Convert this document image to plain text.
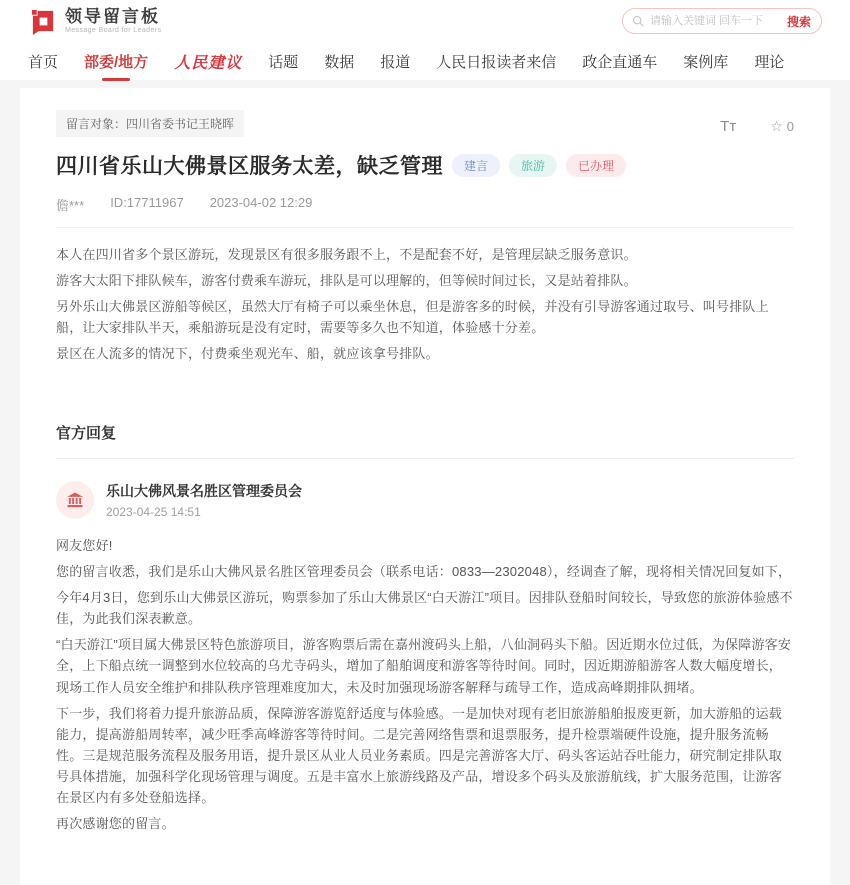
领导留言板
Message Board for Leaders
请输入关键词 回车一下
搜索
首页 部委/地方 人民建议 话题 数据 报道 人民日报读者来信 政企直通车 案例库 理论
留言对象：四川省委书记王晓晖	Tт ☆ 0
四川省乐山大佛景区服务太差，缺乏管理	建言	旅游	已办理
儋*** ID:17711967 2023-04-02 12:29

本人在四川省多个景区游玩，发现景区有很多服务跟不上，不是配套不好，是管理层缺乏服务意识。

游客大太阳下排队候车，游客付费乘车游玩，排队是可以理解的，但等候时间过长，又是站着排队。

另外乐山大佛景区游船等候区，虽然大厅有椅子可以乘坐休息，但是游客多的时候，并没有引导游客通过取号、叫号排队上船，让大家排队半天，乘船游玩是没有定时，需要等多久也不知道，体验感十分差。

景区在人流多的情况下，付费乘坐观光车、船，就应该拿号排队。

官方回复
乐山大佛风景名胜区管理委员会
2023-04-25 14:51

网友您好!

您的留言收悉，我们是乐山大佛风景名胜区管理委员会（联系电话：0833—2302048），经调查了解，现将相关情况回复如下，

今年4月3日，您到乐山大佛景区游玩，购票参加了乐山大佛景区“白天游江”项目。因排队登船时间较长，导致您的旅游体验感不佳，为此我们深表歉意。

“白天游江”项目属大佛景区特色旅游项目，游客购票后需在嘉州渡码头上船，八仙洞码头下船。因近期水位过低，为保障游客安全，上下船点统一调整到水位较高的乌尤寺码头，增加了船舶调度和游客等待时间。同时，因近期游船游客人数大幅度增长，现场工作人员安全维护和排队秩序管理难度加大，未及时加强现场游客解释与疏导工作，造成高峰期排队拥堵。

下一步，我们将着力提升旅游品质，保障游客游览舒适度与体验感。一是加快对现有老旧旅游船舶报废更新，加大游船的运载能力，提高游船周转率，减少旺季高峰游客等待时间。二是完善网络售票和退票服务，提升检票端硬件设施，提升服务流畅性。三是规范服务流程及服务用语，提升景区从业人员业务素质。四是完善游客大厅、码头客运站吞吐能力，研究制定排队取号具体措施，加强科学化现场管理与调度。五是丰富水上旅游线路及产品，增设多个码头及旅游航线，扩大服务范围，让游客在景区内有多处登船选择。

再次感谢您的留言。
